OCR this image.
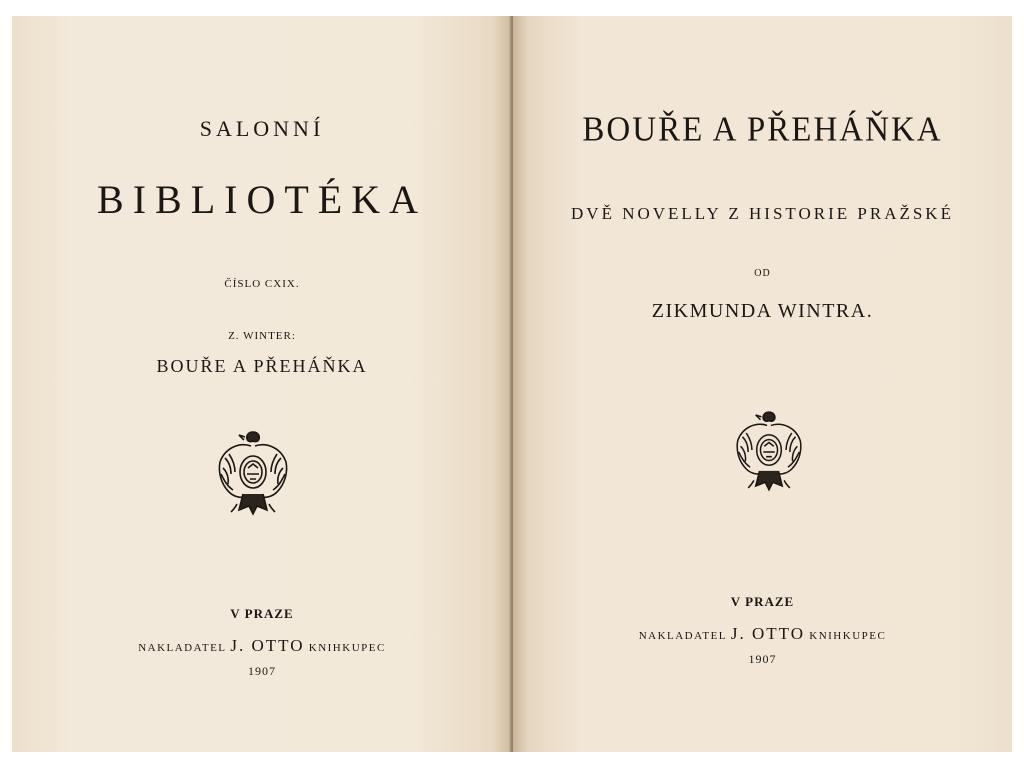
SALONNÍ
BIBLIOTÉKA
ČÍSLO CXIX.
Z. WINTER:
BOUŘE A PŘEHÁŇKA
V PRAZE
NAKLADATEL J. OTTO KNIHKUPEC
1907
BOUŘE A PŘEHÁŇKA
DVĚ NOVELLY Z HISTORIE PRAŽSKÉ
OD
ZIKMUNDA WINTRA.
V PRAZE
NAKLADATEL J. OTTO KNIHKUPEC
1907
